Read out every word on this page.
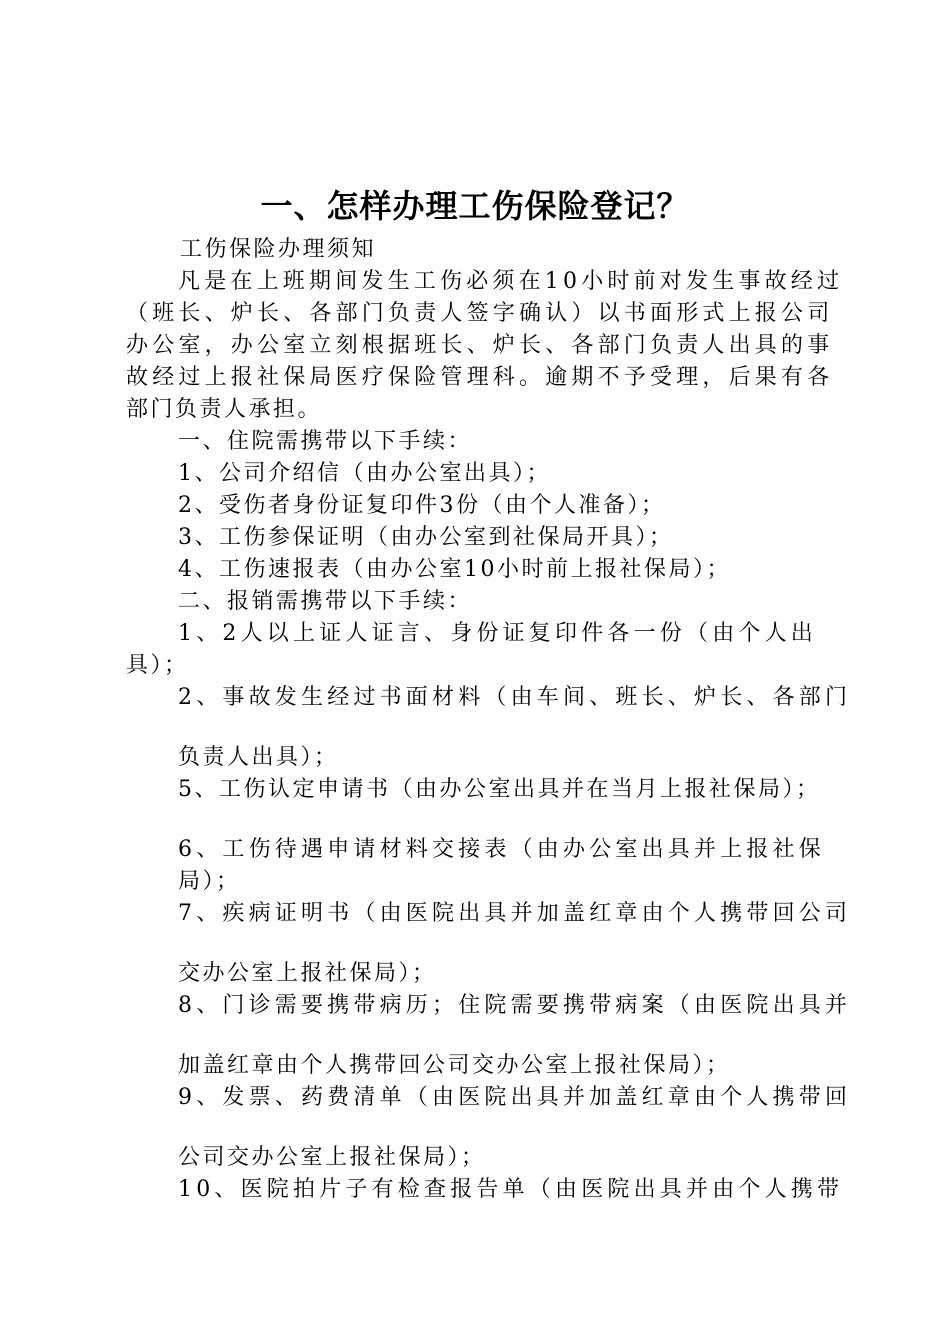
一、怎样办理工伤保险登记？
工伤保险办理须知
凡是在上班期间发生工伤必须在10小时前对发生事故经过
（班长、炉长、各部门负责人签字确认）以书面形式上报公司
办公室，办公室立刻根据班长、炉长、各部门负责人出具的事
故经过上报社保局医疗保险管理科。逾期不予受理，后果有各
部门负责人承担。
一、住院需携带以下手续：
1、公司介绍信（由办公室出具）；
2、受伤者身份证复印件3份（由个人准备）；
3、工伤参保证明（由办公室到社保局开具）；
4、工伤速报表（由办公室10小时前上报社保局）；
二、报销需携带以下手续：
1、2人以上证人证言、身份证复印件各一份（由个人出
具）；
2、事故发生经过书面材料（由车间、班长、炉长、各部门
负责人出具）；
5、工伤认定申请书（由办公室出具并在当月上报社保局）；
6、工伤待遇申请材料交接表（由办公室出具并上报社保
局）；
7、疾病证明书（由医院出具并加盖红章由个人携带回公司
交办公室上报社保局）；
8、门诊需要携带病历；住院需要携带病案（由医院出具并
加盖红章由个人携带回公司交办公室上报社保局）；
9、发票、药费清单（由医院出具并加盖红章由个人携带回
公司交办公室上报社保局）；
10、医院拍片子有检查报告单（由医院出具并由个人携带
